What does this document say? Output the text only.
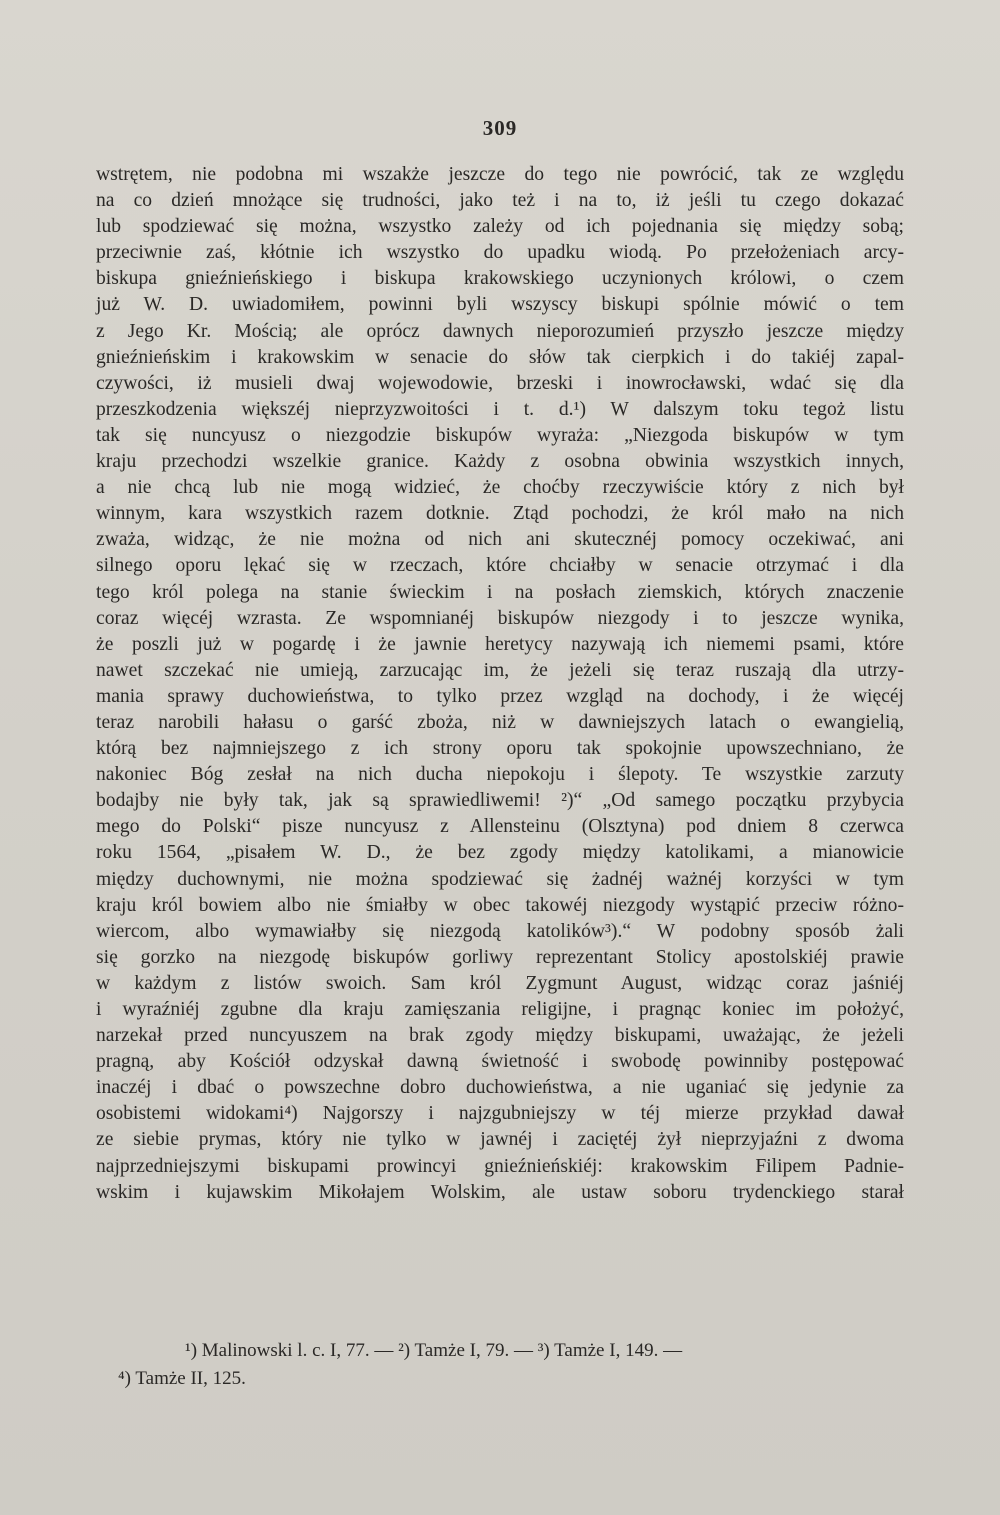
309
wstrętem, nie podobna mi wszakże jeszcze do tego nie powrócić, tak ze względu
na co dzień mnożące się trudności, jako też i na to, iż jeśli tu czego dokazać
lub spodziewać się można, wszystko zależy od ich pojednania się między sobą;
przeciwnie zaś, kłótnie ich wszystko do upadku wiodą. Po przełożeniach arcy-
biskupa gnieźnieńskiego i biskupa krakowskiego uczynionych królowi, o czem
już W. D. uwiadomiłem, powinni byli wszyscy biskupi spólnie mówić o tem
z Jego Kr. Mością; ale oprócz dawnych nieporozumień przyszło jeszcze między
gnieźnieńskim i krakowskim w senacie do słów tak cierpkich i do takiéj zapal-
czywości, iż musieli dwaj wojewodowie, brzeski i inowrocławski, wdać się dla
przeszkodzenia większéj nieprzyzwoitości i t. d.¹) W dalszym toku tegoż listu
tak się nuncyusz o niezgodzie biskupów wyraża: „Niezgoda biskupów w tym
kraju przechodzi wszelkie granice. Każdy z osobna obwinia wszystkich innych,
a nie chcą lub nie mogą widzieć, że choćby rzeczywiście który z nich był
winnym, kara wszystkich razem dotknie. Ztąd pochodzi, że król mało na nich
zważa, widząc, że nie można od nich ani skutecznéj pomocy oczekiwać, ani
silnego oporu lękać się w rzeczach, które chciałby w senacie otrzymać i dla
tego król polega na stanie świeckim i na posłach ziemskich, których znaczenie
coraz więcéj wzrasta. Ze wspomnianéj biskupów niezgody i to jeszcze wynika,
że poszli już w pogardę i że jawnie heretycy nazywają ich niememi psami, które
nawet szczekać nie umieją, zarzucając im, że jeżeli się teraz ruszają dla utrzy-
mania sprawy duchowieństwa, to tylko przez wzgląd na dochody, i że więcéj
teraz narobili hałasu o garść zboża, niż w dawniejszych latach o ewangielią,
którą bez najmniejszego z ich strony oporu tak spokojnie upowszechniano, że
nakoniec Bóg zesłał na nich ducha niepokoju i ślepoty. Te wszystkie zarzuty
bodajby nie były tak, jak są sprawiedliwemi! ²)“ „Od samego początku przybycia
mego do Polski“ pisze nuncyusz z Allensteinu (Olsztyna) pod dniem 8 czerwca
roku 1564, „pisałem W. D., że bez zgody między katolikami, a mianowicie
między duchownymi, nie można spodziewać się żadnéj ważnéj korzyści w tym
kraju król bowiem albo nie śmiałby w obec takowéj niezgody wystąpić przeciw różno-
wiercom, albo wymawiałby się niezgodą katolików³).“ W podobny sposób żali
się gorzko na niezgodę biskupów gorliwy reprezentant Stolicy apostolskiéj prawie
w każdym z listów swoich. Sam król Zygmunt August, widząc coraz jaśniéj
i wyraźniéj zgubne dla kraju zamięszania religijne, i pragnąc koniec im położyć,
narzekał przed nuncyuszem na brak zgody między biskupami, uważając, że jeżeli
pragną, aby Kościół odzyskał dawną świetność i swobodę powinniby postępować
inaczéj i dbać o powszechne dobro duchowieństwa, a nie uganiać się jedynie za
osobistemi widokami⁴) Najgorszy i najzgubniejszy w téj mierze przykład dawał
ze siebie prymas, który nie tylko w jawnéj i zaciętéj żył nieprzyjaźni z dwoma
najprzedniejszymi biskupami prowincyi gnieźnieńskiéj: krakowskim Filipem Padnie-
wskim i kujawskim Mikołajem Wolskim, ale ustaw soboru trydenckiego starał
¹) Malinowski l. c. I, 77. — ²) Tamże I, 79. — ³) Tamże I, 149. —
⁴) Tamże II, 125.
